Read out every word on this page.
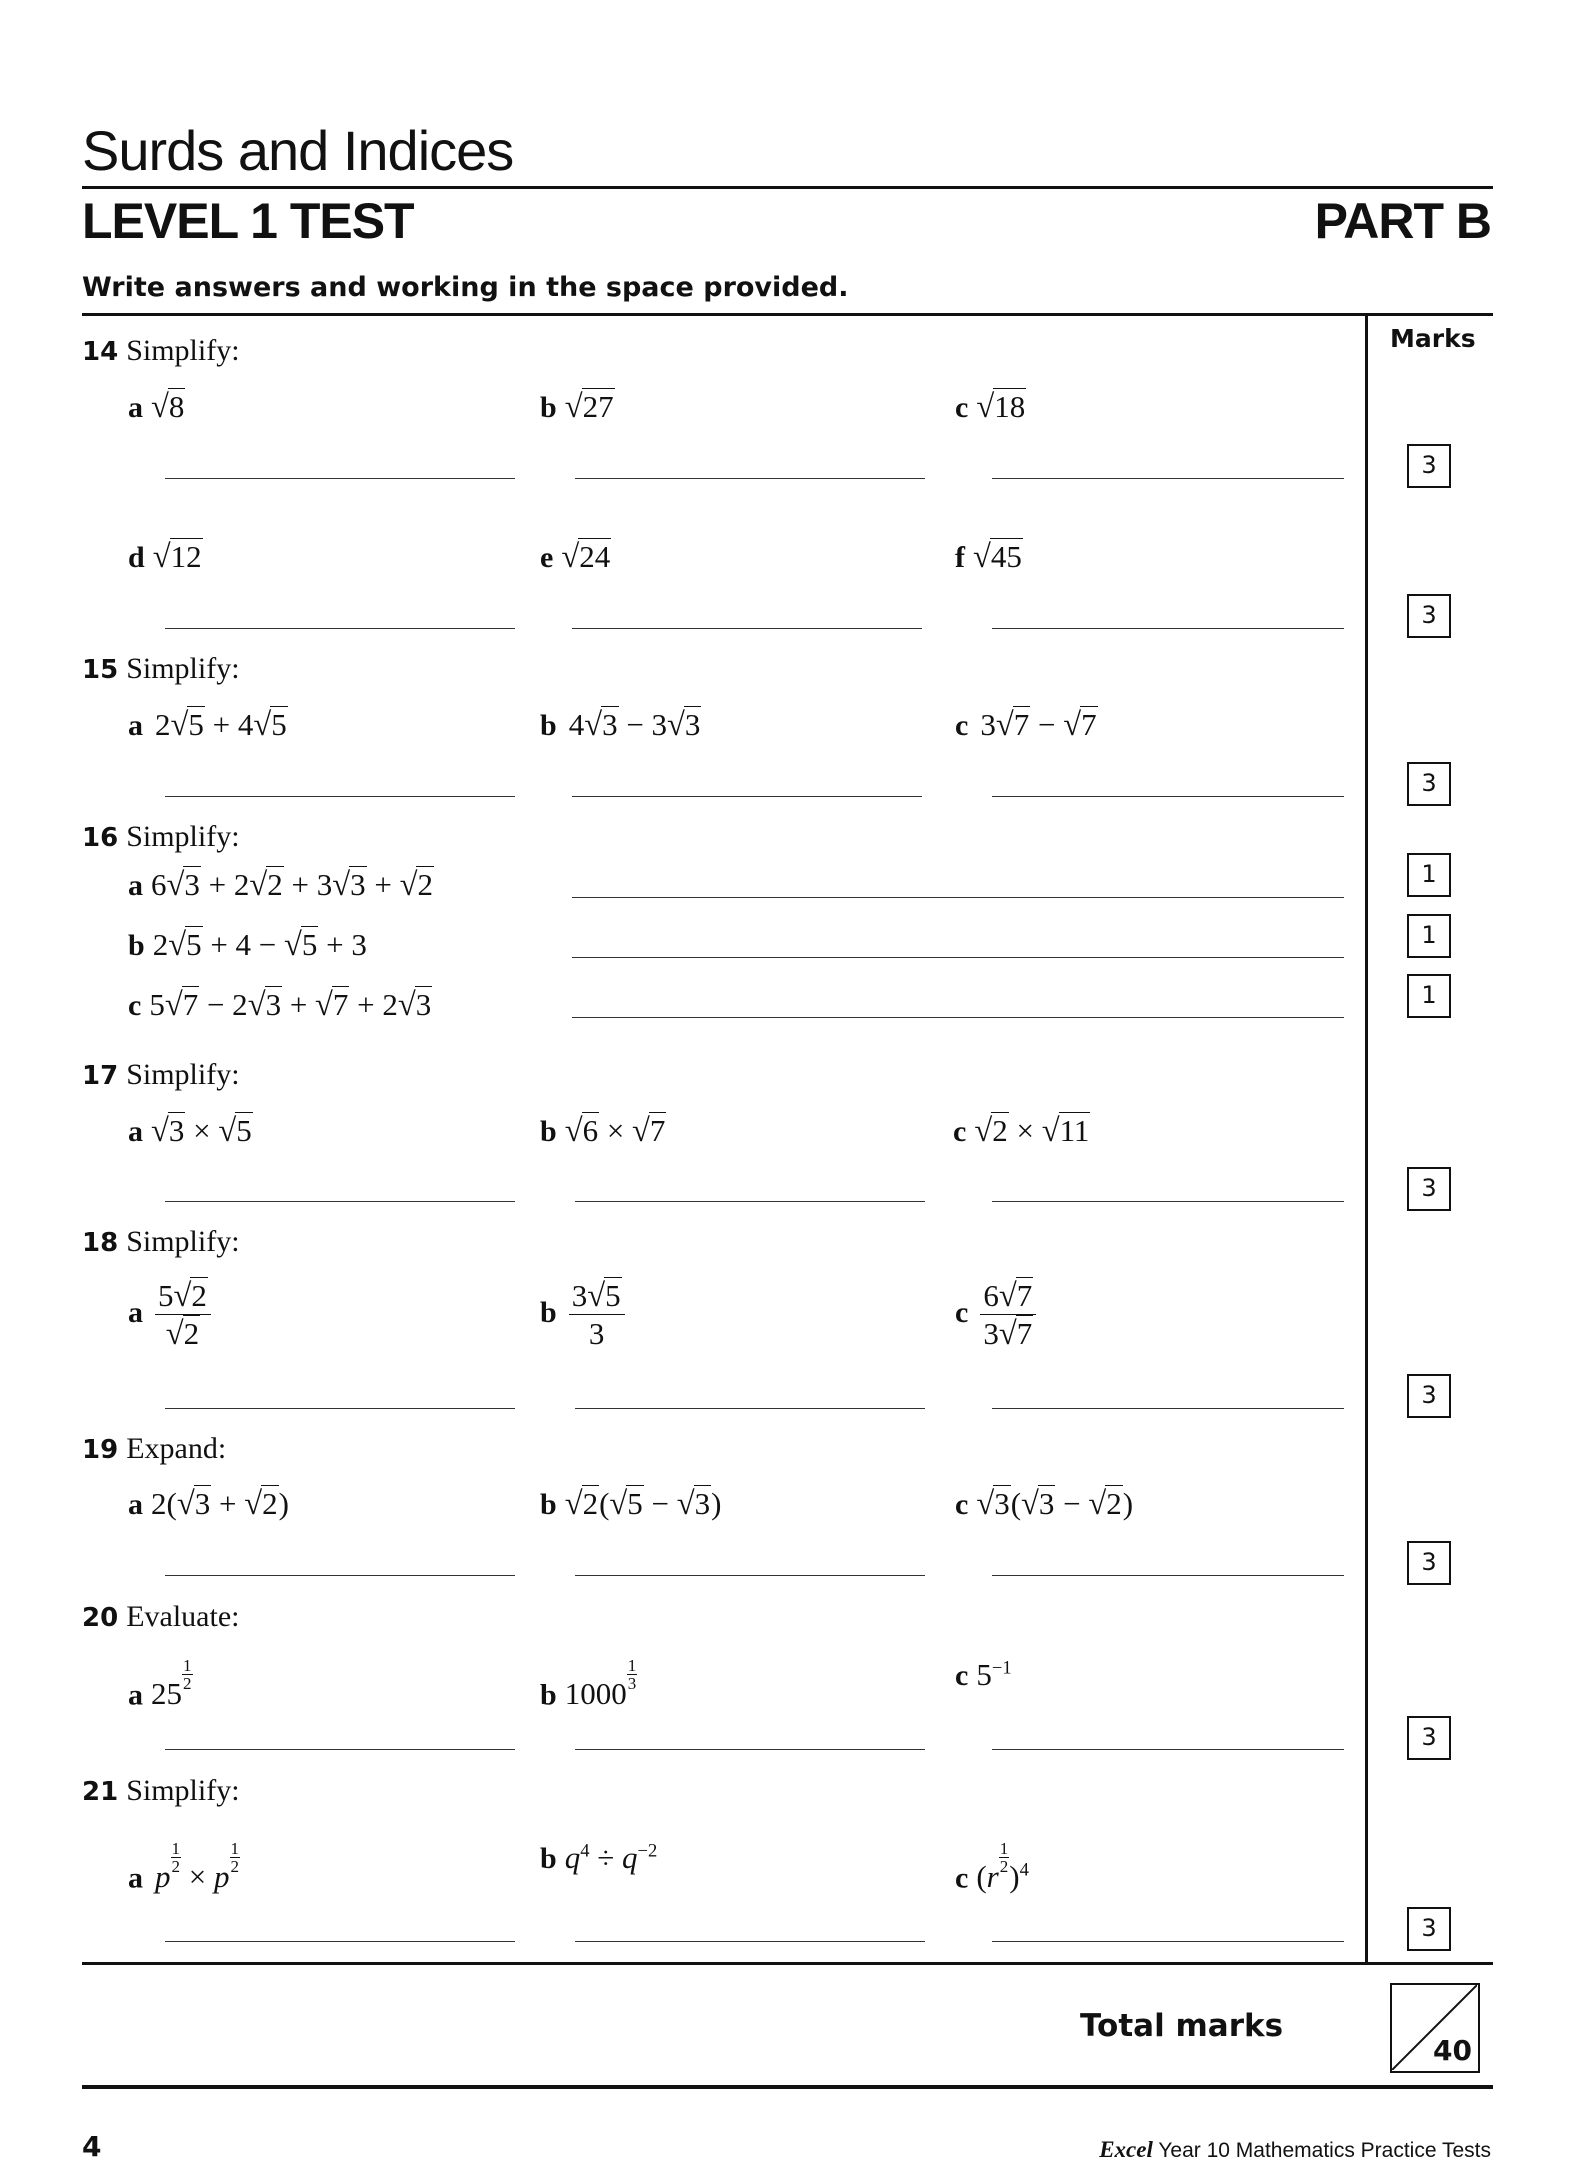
Surds and Indices
LEVEL 1 TEST	PART B
Write answers and working in the space provided.
Marks
14 Simplify:
a √8	b √27	c √18
3
d √12	e √24	f √45
3
15 Simplify:
a 2√5 + 4√5	b 4√3 − 3√3	c 3√7 − √7
3
16 Simplify:
a 6√3 + 2√2 + 3√3 + √2	1
b 2√5 + 4 − √5 + 3	1
c 5√7 − 2√3 + √7 + 2√3	1
17 Simplify:
a √3 × √5	b √6 × √7	c √2 × √11
3
18 Simplify:
a $\frac{5√2}{√2}$	b $\frac{3√5}{3}$	c $\frac{6√7}{3√7}$
3
19 Expand:
a 2(√3 + √2)	b √2(√5 − √3)	c √3(√3 − √2)
3
20 Evaluate:
a 25
$\frac{1}{2}$
b 1000
$\frac{1}{3}$	c $5^{-1}$
3
21 Simplify:
a p
$\frac{1}{2}$
× p
$\frac{1}{2}$	b $q^4 \div q^{-2}$
c (r
$\frac{1}{2}$
)$^4$
3
Total marks
40
4	Excel Year 10 Mathematics Practice Tests
